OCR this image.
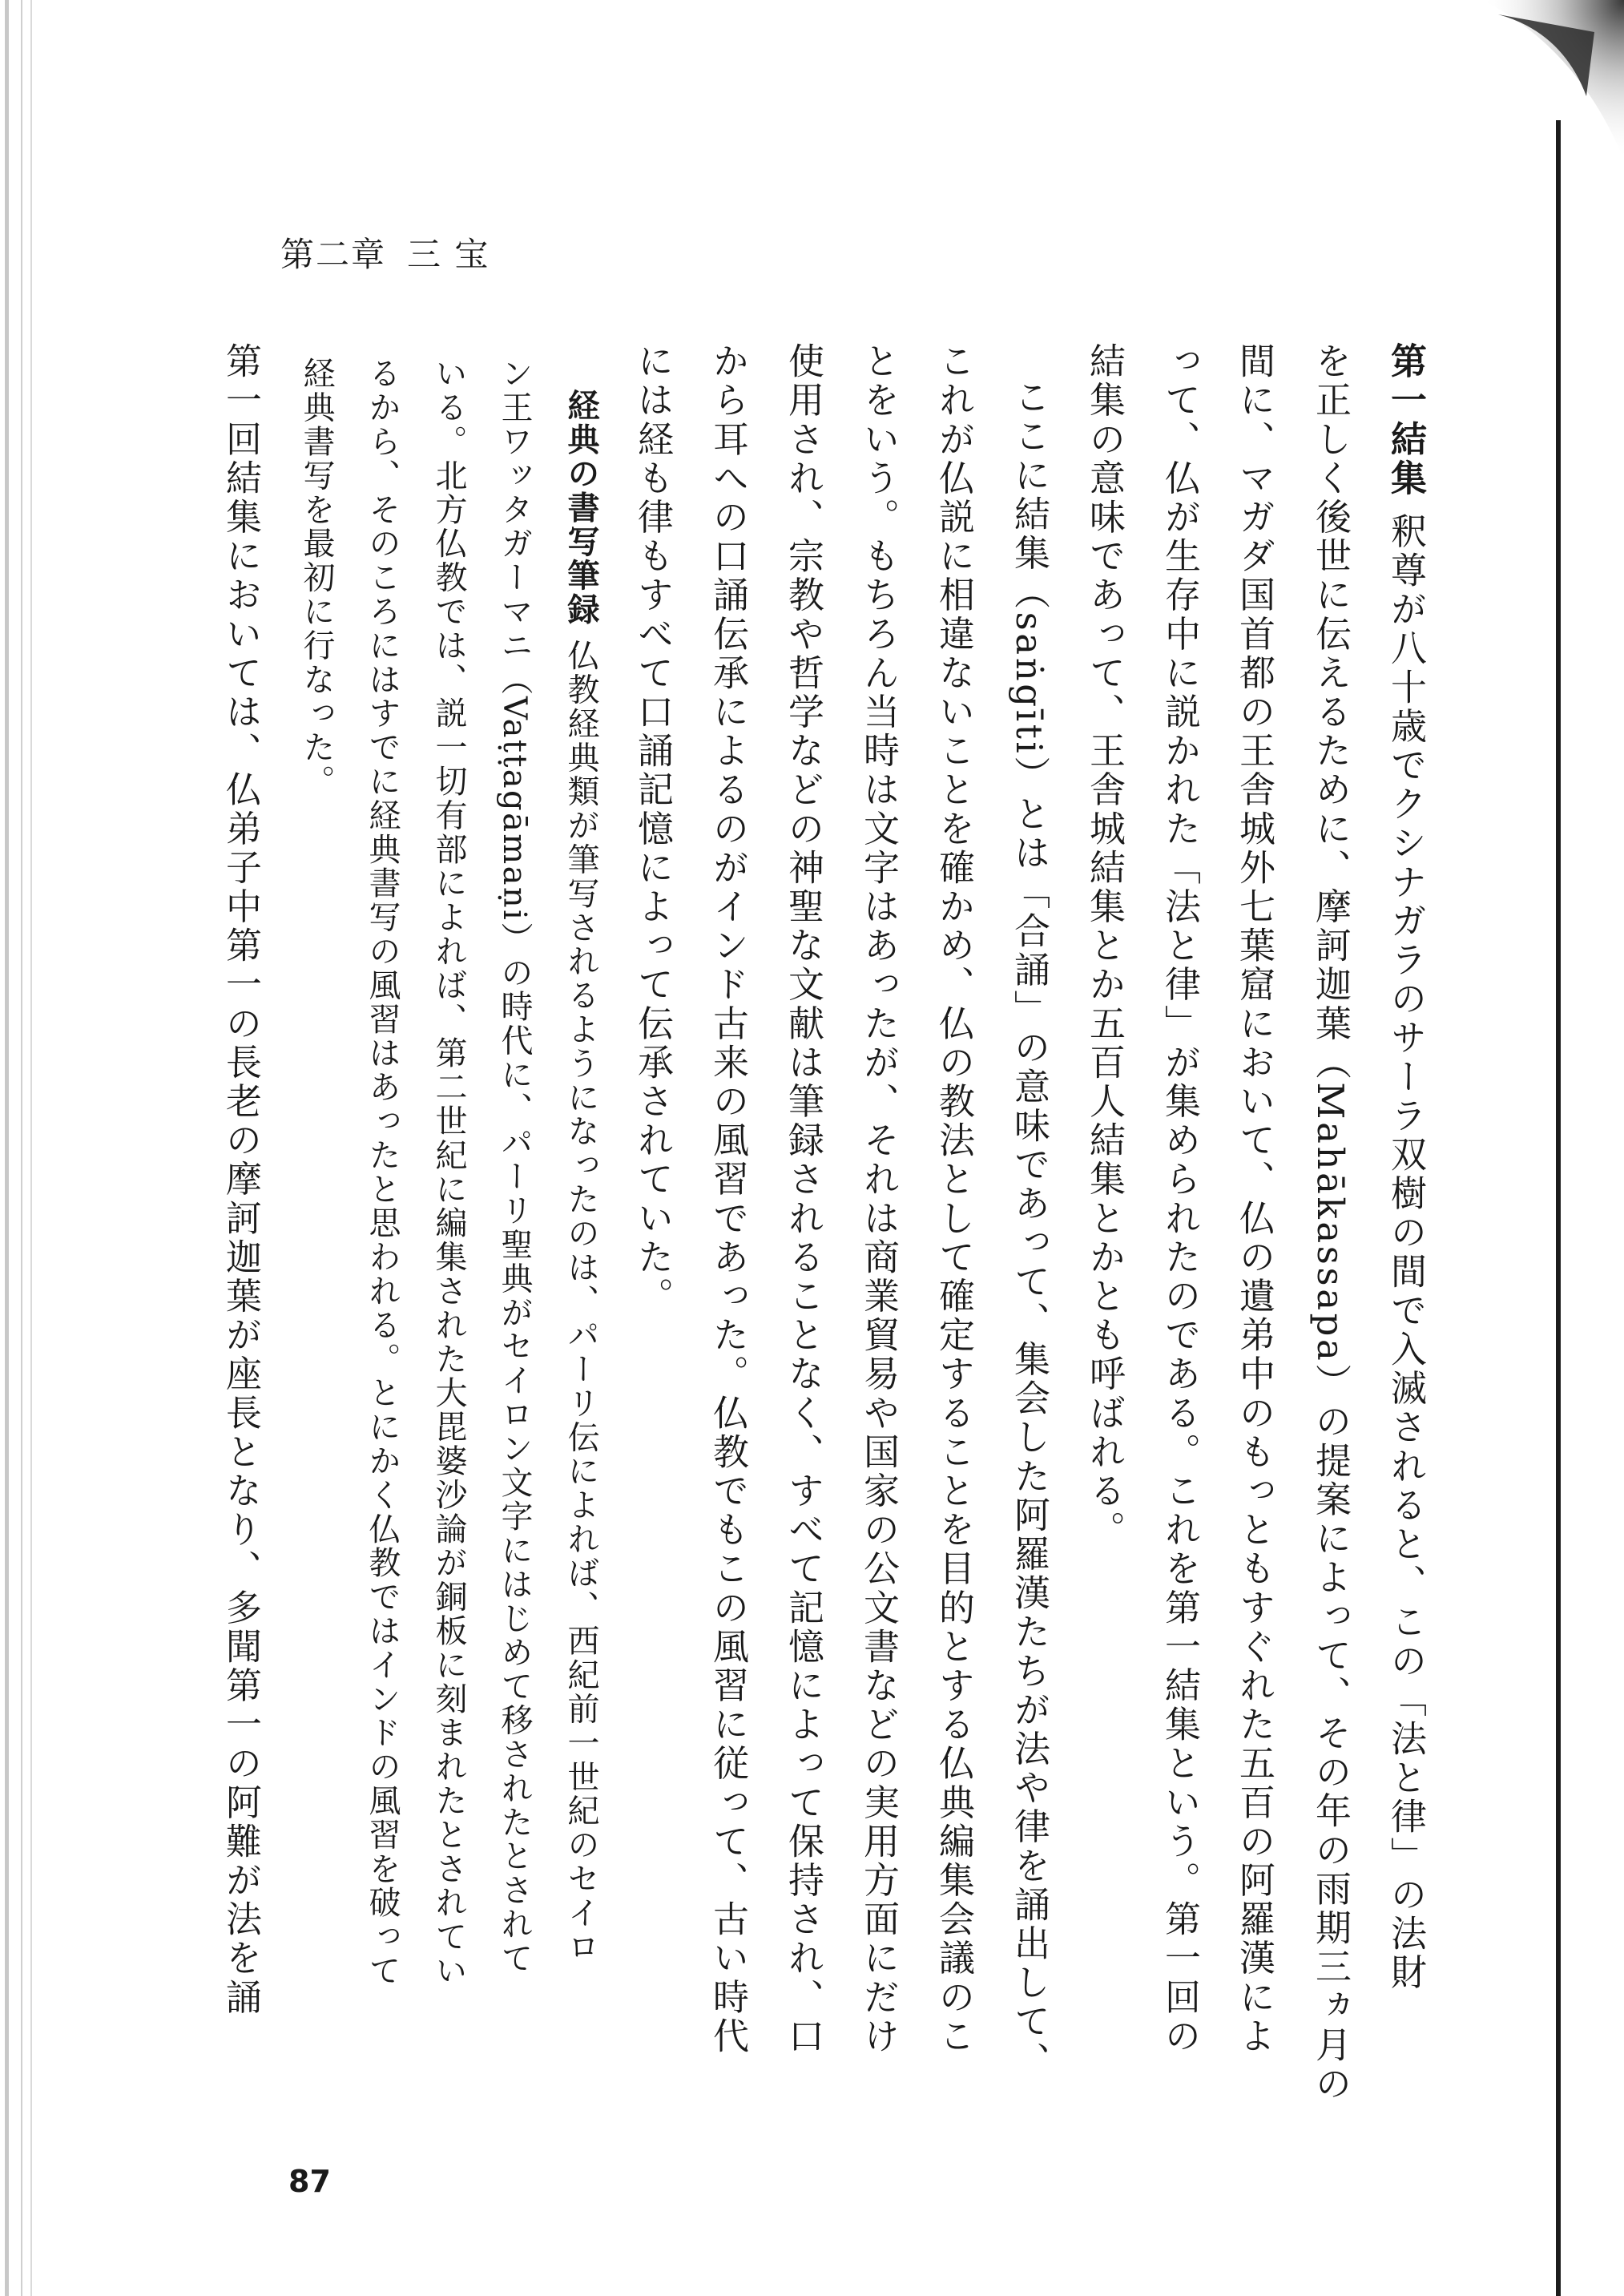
第二章 三 宝
第一結集 釈尊が八十歳でクシナガラのサーラ双樹の間で入滅されると、この「法と律」の法財
を正しく後世に伝えるために、摩訶迦葉（Mahākassapa）の提案によって、その年の雨期三ヵ月の
間に、マガダ国首都の王舎城外七葉窟において、仏の遺弟中のもっともすぐれた五百の阿羅漢によ
って、仏が生存中に説かれた「法と律」が集められたのである。これを第一結集という。第一回の
結集の意味であって、王舎城結集とか五百人結集とかとも呼ばれる。
ここに結集（saṅgīti）とは「合誦」の意味であって、集会した阿羅漢たちが法や律を誦出して、
これが仏説に相違ないことを確かめ、仏の教法として確定することを目的とする仏典編集会議のこ
とをいう。もちろん当時は文字はあったが、それは商業貿易や国家の公文書などの実用方面にだけ
使用され、宗教や哲学などの神聖な文献は筆録されることなく、すべて記憶によって保持され、口
から耳への口誦伝承によるのがインド古来の風習であった。仏教でもこの風習に従って、古い時代
には経も律もすべて口誦記憶によって伝承されていた。
経典の書写筆録 仏教経典類が筆写されるようになったのは、パーリ伝によれば、西紀前一世紀のセイロ
ン王ワッタガーマニ（Vaṭṭagāmaṇi）の時代に、パーリ聖典がセイロン文字にはじめて移されたとされて
いる。北方仏教では、説一切有部によれば、第二世紀に編集された大毘婆沙論が銅板に刻まれたとされてい
るから、そのころにはすでに経典書写の風習はあったと思われる。とにかく仏教ではインドの風習を破って
経典書写を最初に行なった。
第一回結集においては、仏弟子中第一の長老の摩訶迦葉が座長となり、多聞第一の阿難が法を誦
87
